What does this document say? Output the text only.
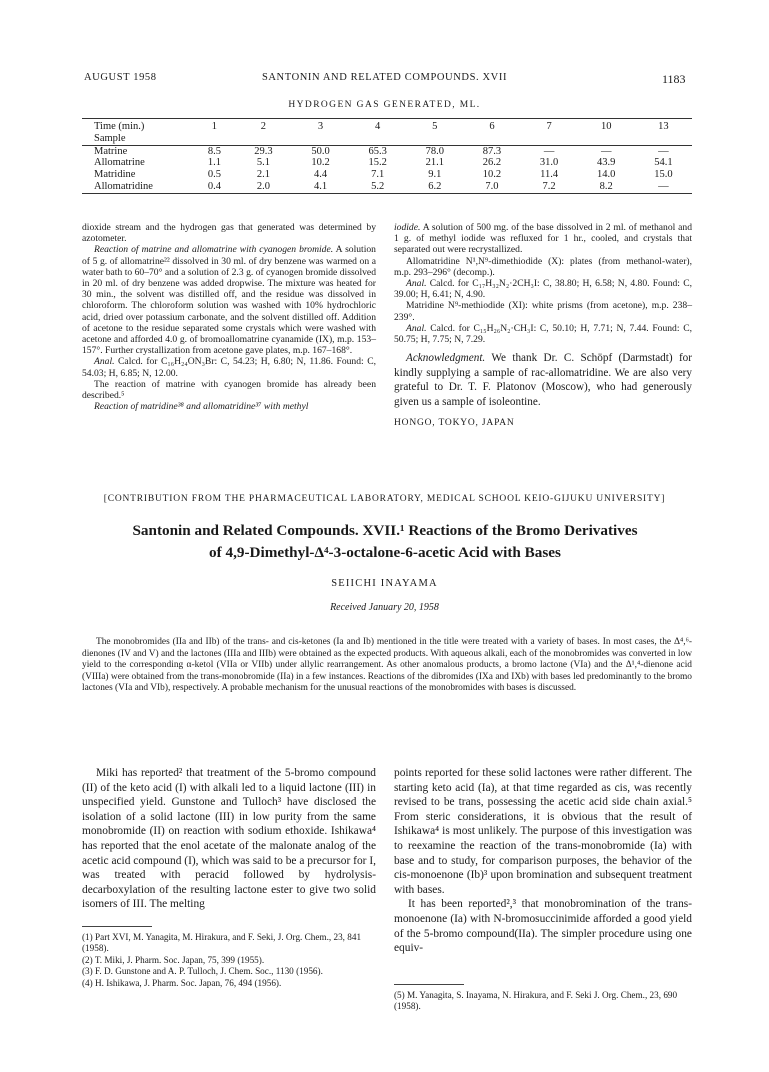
AUGUST 1958	SANTONIN AND RELATED COMPOUNDS. XVII	1183
HYDROGEN GAS GENERATED, ML.
Time (min.)	1	2	3	4	5	6	7	10	13
Sample									
Matrine	8.5	29.3	50.0	65.3	78.0	87.3	—	—	—
Allomatrine	1.1	5.1	10.2	15.2	21.1	26.2	31.0	43.9	54.1
Matridine	0.5	2.1	4.4	7.1	9.1	10.2	11.4	14.0	15.0
Allomatridine	0.4	2.0	4.1	5.2	6.2	7.0	7.2	8.2	—

dioxide stream and the hydrogen gas that generated was determined by azotometer.

Reaction of matrine and allomatrine with cyanogen bromide. A solution of 5 g. of allomatrine²² dissolved in 30 ml. of dry benzene was warmed on a water bath to 60–70° and a solution of 2.3 g. of cyanogen bromide dissolved in 20 ml. of dry benzene was added dropwise. The mixture was heated for 30 min., the solvent was distilled off, and the residue was dissolved in chloroform. The chloroform solution was washed with 10% hydrochloric acid, dried over potassium carbonate, and the solvent distilled off. Addition of acetone to the residue separated some crystals which were washed with acetone and afforded 4.0 g. of bromoallomatrine cyanamide (IX), m.p. 153–157°. Further crystallization from acetone gave plates, m.p. 167–168°.

Anal. Calcd. for C₁₆H₂₄ON₃Br: C, 54.23; H, 6.80; N, 11.86. Found: C, 54.03; H, 6.85; N, 12.00.

The reaction of matrine with cyanogen bromide has already been described.⁵

Reaction of matridine³⁸ and allomatridine³⁷ with methyl

iodide. A solution of 500 mg. of the base dissolved in 2 ml. of methanol and 1 g. of methyl iodide was refluxed for 1 hr., cooled, and crystals that separated out were recrystallized.

Allomatridine N¹,N⁹-dimethiodide (X): plates (from methanol-water), m.p. 293–296° (decomp.).

Anal. Calcd. for C₁₇H₃₂N₂·2CH₃I: C, 38.80; H, 6.58; N, 4.80. Found: C, 39.00; H, 6.41; N, 4.90.

Matridine N⁹-methiodide (XI): white prisms (from acetone), m.p. 238–239°.

Anal. Calcd. for C₁₅H₂₆N₂·CH₃I: C, 50.10; H, 7.71; N, 7.44. Found: C, 50.75; H, 7.75; N, 7.29.

Acknowledgment. We thank Dr. C. Schöpf (Darmstadt) for kindly supplying a sample of rac-allomatridine. We are also very grateful to Dr. T. F. Platonov (Moscow), who had generously given us a sample of isoleontine.

HONGO, TOKYO, JAPAN

[CONTRIBUTION FROM THE PHARMACEUTICAL LABORATORY, MEDICAL SCHOOL KEIO-GIJUKU UNIVERSITY]
Santonin and Related Compounds. XVII.¹ Reactions of the Bromo Derivatives
of 4,9-Dimethyl-Δ⁴-3-octalone-6-acetic Acid with Bases
SEIICHI INAYAMA
Received January 20, 1958
The monobromides (IIa and IIb) of the trans- and cis-ketones (Ia and Ib) mentioned in the title were treated with a variety of bases. In most cases, the Δ⁴,⁶-dienones (IV and V) and the lactones (IIIa and IIIb) were obtained as the expected products. With aqueous alkali, each of the monobromides was converted in low yield to the corresponding α-ketol (VIIa or VIIb) under allylic rearrangement. As other anomalous products, a bromo lactone (VIa) and the Δ¹,⁴-dienone acid (VIIIa) were obtained from the trans-monobromide (IIa) in a few instances. Reactions of the dibromides (IXa and IXb) with bases led predominantly to the bromo lactones (VIa and VIb), respectively. A probable mechanism for the unusual reactions of the monobromides with bases is discussed.

Miki has reported² that treatment of the 5-bromo compound (II) of the keto acid (I) with alkali led to a liquid lactone (III) in unspecified yield. Gunstone and Tulloch³ have disclosed the isolation of a solid lactone (III) in low purity from the same monobromide (II) on reaction with sodium ethoxide. Ishikawa⁴ has reported that the enol acetate of the malonate analog of the acetic acid compound (I), which was said to be a precursor for I, was treated with peracid followed by hydrolysis-decarboxylation of the resulting lactone ester to give two solid isomers of III. The melting

points reported for these solid lactones were rather different. The starting keto acid (Ia), at that time regarded as cis, was recently revised to be trans, possessing the acetic acid side chain axial.⁵ From steric considerations, it is obvious that the result of Ishikawa⁴ is most unlikely. The purpose of this investigation was to reexamine the reaction of the trans-monobromide (Ia) with base and to study, for comparison purposes, the behavior of the cis-monoenone (Ib)³ upon bromination and subsequent treatment with bases.

It has been reported²,³ that monobromination of the trans-monoenone (Ia) with N-bromosuccinimide afforded a good yield of the 5-bromo compound(IIa). The simpler procedure using one equiv-

(1) Part XVI, M. Yanagita, M. Hirakura, and F. Seki, J. Org. Chem., 23, 841 (1958).

(2) T. Miki, J. Pharm. Soc. Japan, 75, 399 (1955).

(3) F. D. Gunstone and A. P. Tulloch, J. Chem. Soc., 1130 (1956).

(4) H. Ishikawa, J. Pharm. Soc. Japan, 76, 494 (1956).

(5) M. Yanagita, S. Inayama, N. Hirakura, and F. Seki J. Org. Chem., 23, 690 (1958).
